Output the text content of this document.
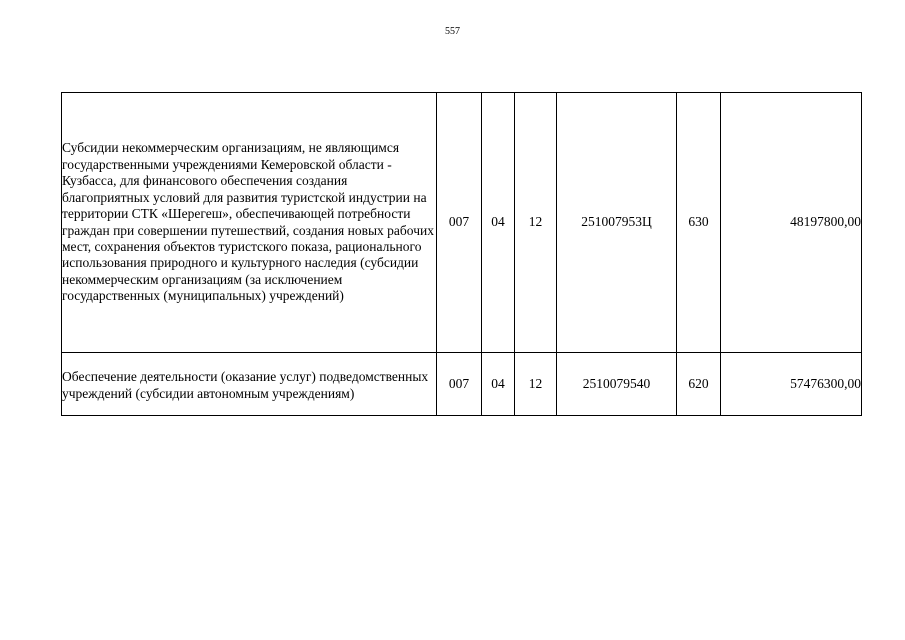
557
Субсидии некоммерческим организациям, не являющимся государственными учреждениями Кемеровской области - Кузбасса, для финансового обеспечения создания благоприятных условий для развития туристской индустрии на территории СТК «Шерегеш», обеспечивающей потребности граждан при совершении путешествий, создания новых рабочих мест, сохранения объектов туристского показа, рационального использования природного и культурного наследия (субсидии некоммерческим организациям (за исключением государственных (муниципальных) учреждений)	007	04	12	251007953Ц	630	48197800,00
Обеспечение деятельности (оказание услуг) подведомственных учреждений (субсидии автономным учреждениям)	007	04	12	2510079540	620	57476300,00
